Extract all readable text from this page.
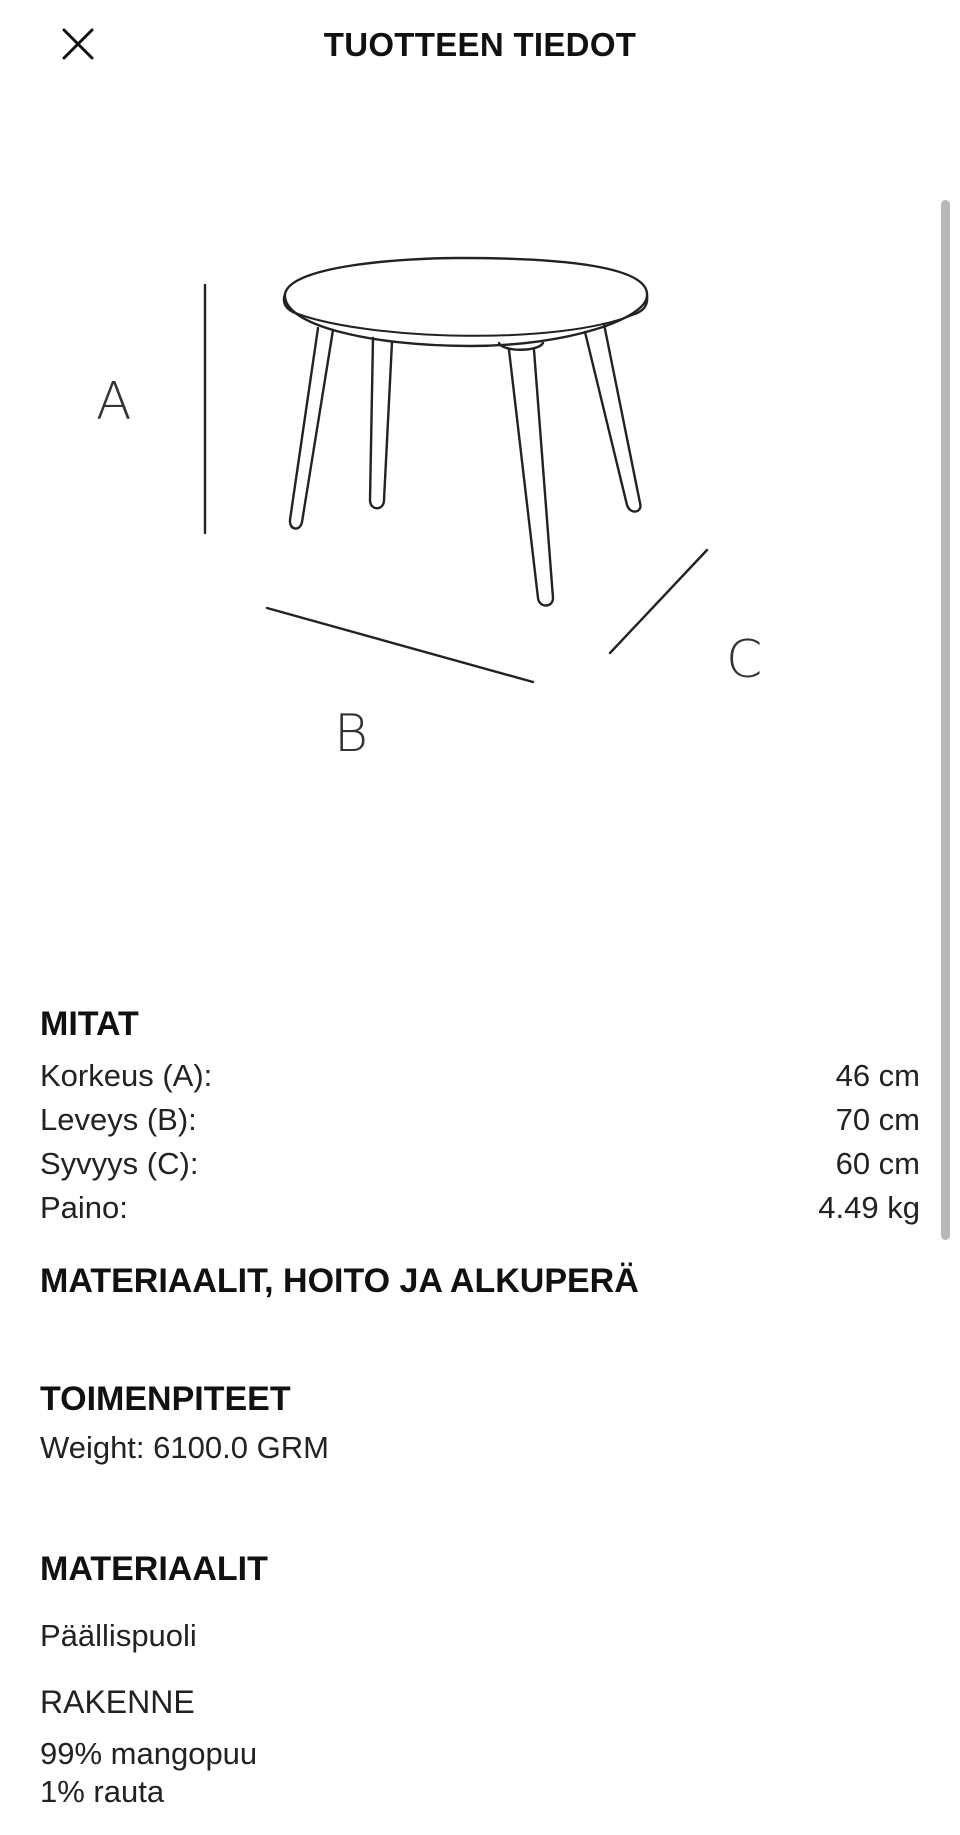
TUOTTEEN TIEDOT
A
B
C
MITAT
Korkeus (A):	46 cm
Leveys (B):	70 cm
Syvyys (C):	60 cm
Paino:	4.49 kg
MATERIAALIT, HOITO JA ALKUPERÄ
TOIMENPITEET
Weight: 6100.0 GRM
MATERIAALIT
Päällispuoli
RAKENNE
99% mangopuu
1% rauta
